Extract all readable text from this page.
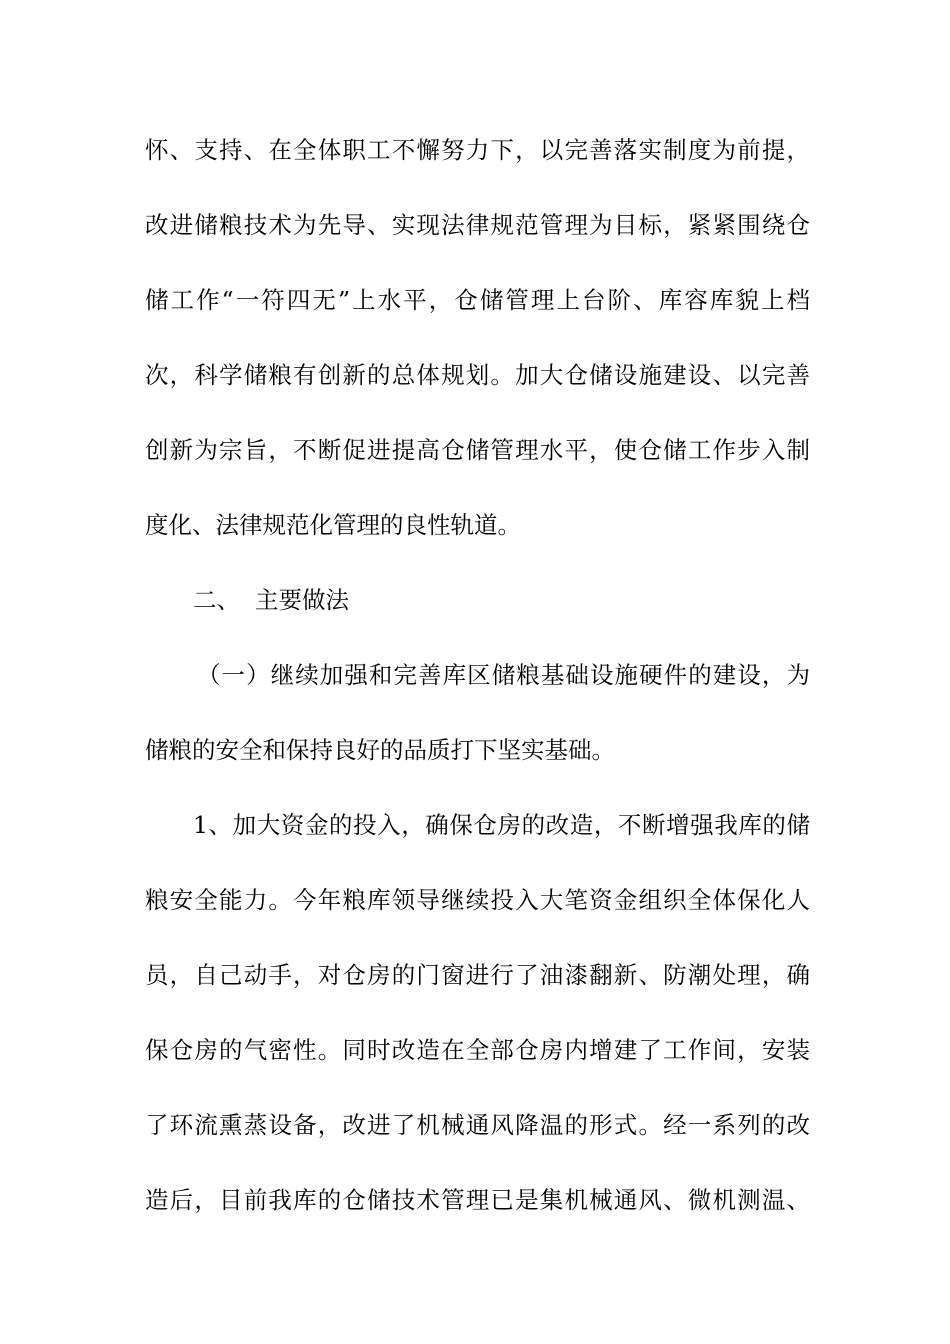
怀、支持、在全体职工不懈努力下，以完善落实制度为前提，
改进储粮技术为先导、实现法律规范管理为目标，紧紧围绕仓
储工作“一符四无”上水平，仓储管理上台阶、库容库貌上档
次，科学储粮有创新的总体规划。加大仓储设施建设、以完善
创新为宗旨，不断促进提高仓储管理水平，使仓储工作步入制
度化、法律规范化管理的良性轨道。
二、  主要做法
（一）继续加强和完善库区储粮基础设施硬件的建设，为
储粮的安全和保持良好的品质打下坚实基础。
1、加大资金的投入，确保仓房的改造，不断增强我库的储
粮安全能力。今年粮库领导继续投入大笔资金组织全体保化人
员，自己动手，对仓房的门窗进行了油漆翻新、防潮处理，确
保仓房的气密性。同时改造在全部仓房内增建了工作间，安装
了环流熏蒸设备，改进了机械通风降温的形式。经一系列的改
造后，目前我库的仓储技术管理已是集机械通风、微机测温、
